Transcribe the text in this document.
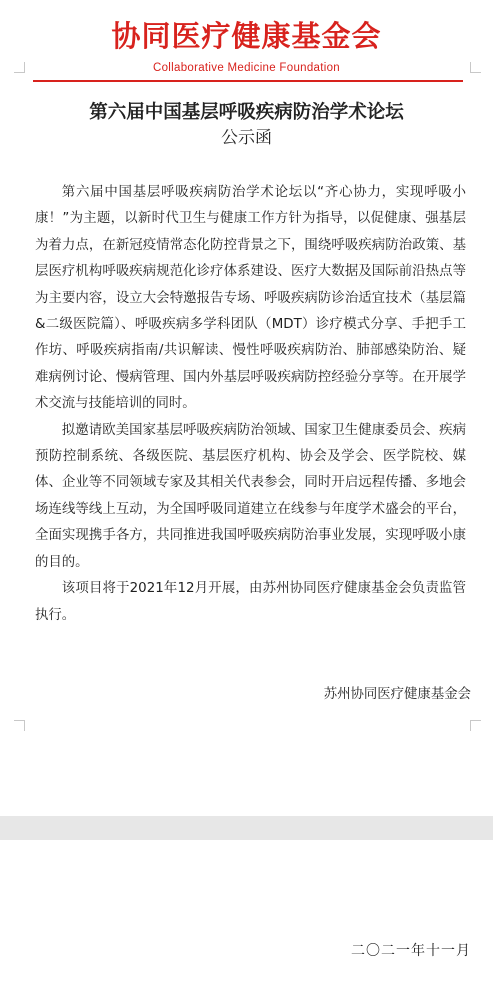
协同医疗健康基金会
Collaborative Medicine Foundation
第六届中国基层呼吸疾病防治学术论坛
公示函

第六届中国基层呼吸疾病防治学术论坛以“齐心协力，实现呼吸小康！”为主题，以新时代卫生与健康工作方针为指导，以促健康、强基层为着力点，在新冠疫情常态化防控背景之下，围绕呼吸疾病防治政策、基层医疗机构呼吸疾病规范化诊疗体系建设、医疗大数据及国际前沿热点等为主要内容，设立大会特邀报告专场、呼吸疾病防诊治适宜技术（基层篇&二级医院篇）、呼吸疾病多学科团队（MDT）诊疗模式分享、手把手工作坊、呼吸疾病指南/共识解读、慢性呼吸疾病防治、肺部感染防治、疑难病例讨论、慢病管理、国内外基层呼吸疾病防控经验分享等。在开展学术交流与技能培训的同时。

拟邀请欧美国家基层呼吸疾病防治领域、国家卫生健康委员会、疾病预防控制系统、各级医院、基层医疗机构、协会及学会、医学院校、媒体、企业等不同领域专家及其相关代表参会，同时开启远程传播、多地会场连线等线上互动，为全国呼吸同道建立在线参与年度学术盛会的平台，全面实现携手各方，共同推进我国呼吸疾病防治事业发展，实现呼吸小康的目的。

该项目将于2021年12月开展，由苏州协同医疗健康基金会负责监管执行。

苏州协同医疗健康基金会
二〇二一年十一月
